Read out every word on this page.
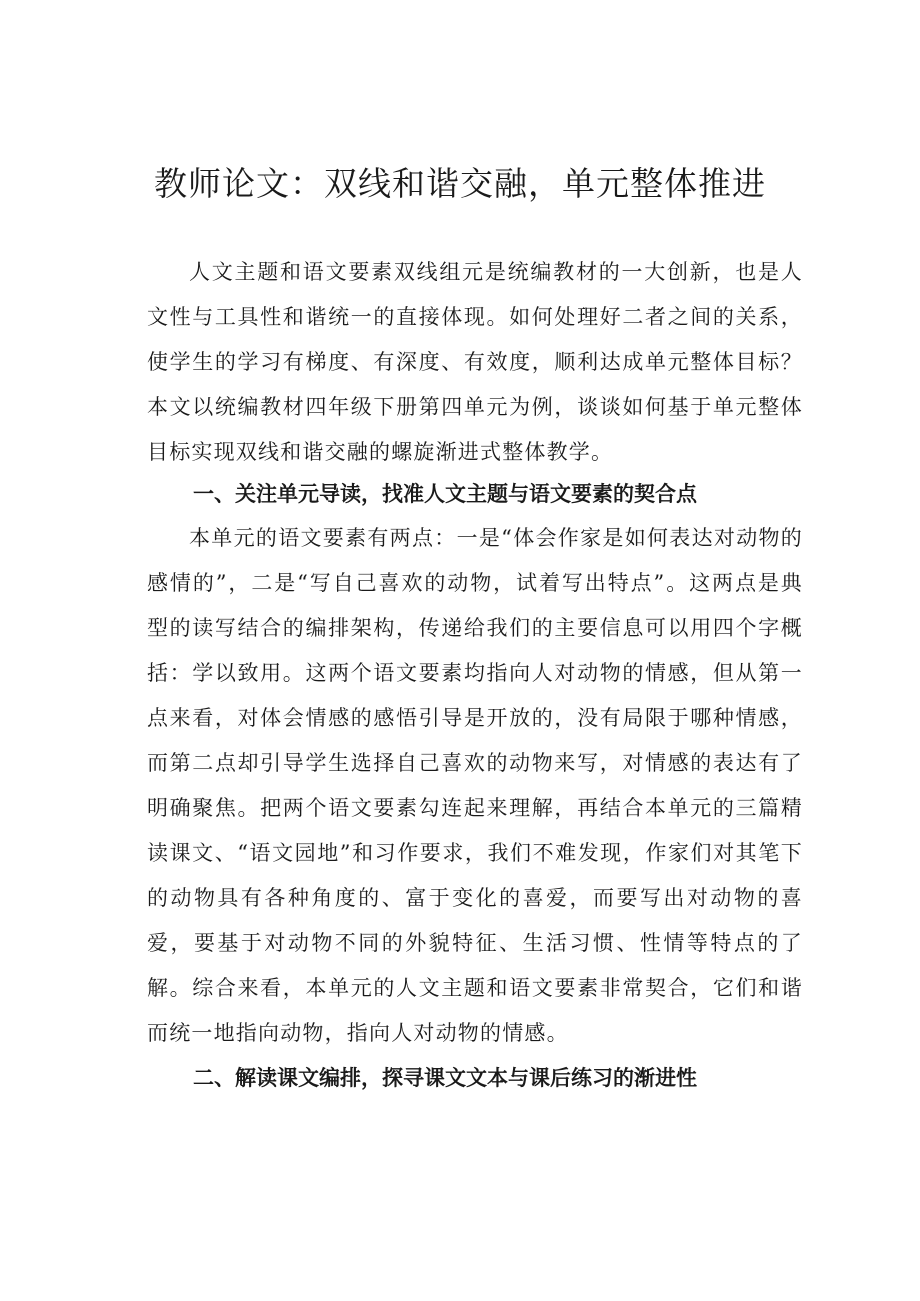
教师论文：双线和谐交融，单元整体推进

人文主题和语文要素双线组元是统编教材的一大创新，也是人文性与工具性和谐统一的直接体现。如何处理好二者之间的关系，使学生的学习有梯度、有深度、有效度，顺利达成单元整体目标？本文以统编教材四年级下册第四单元为例，谈谈如何基于单元整体目标实现双线和谐交融的螺旋渐进式整体教学。

一、关注单元导读，找准人文主题与语文要素的契合点

本单元的语文要素有两点：一是“体会作家是如何表达对动物的感情的”，二是“写自己喜欢的动物，试着写出特点”。这两点是典型的读写结合的编排架构，传递给我们的主要信息可以用四个字概括：学以致用。这两个语文要素均指向人对动物的情感，但从第一点来看，对体会情感的感悟引导是开放的，没有局限于哪种情感，而第二点却引导学生选择自己喜欢的动物来写，对情感的表达有了明确聚焦。把两个语文要素勾连起来理解，再结合本单元的三篇精读课文、“语文园地”和习作要求，我们不难发现，作家们对其笔下的动物具有各种角度的、富于变化的喜爱，而要写出对动物的喜爱，要基于对动物不同的外貌特征、生活习惯、性情等特点的了解。综合来看，本单元的人文主题和语文要素非常契合，它们和谐而统一地指向动物，指向人对动物的情感。

二、解读课文编排，探寻课文文本与课后练习的渐进性
